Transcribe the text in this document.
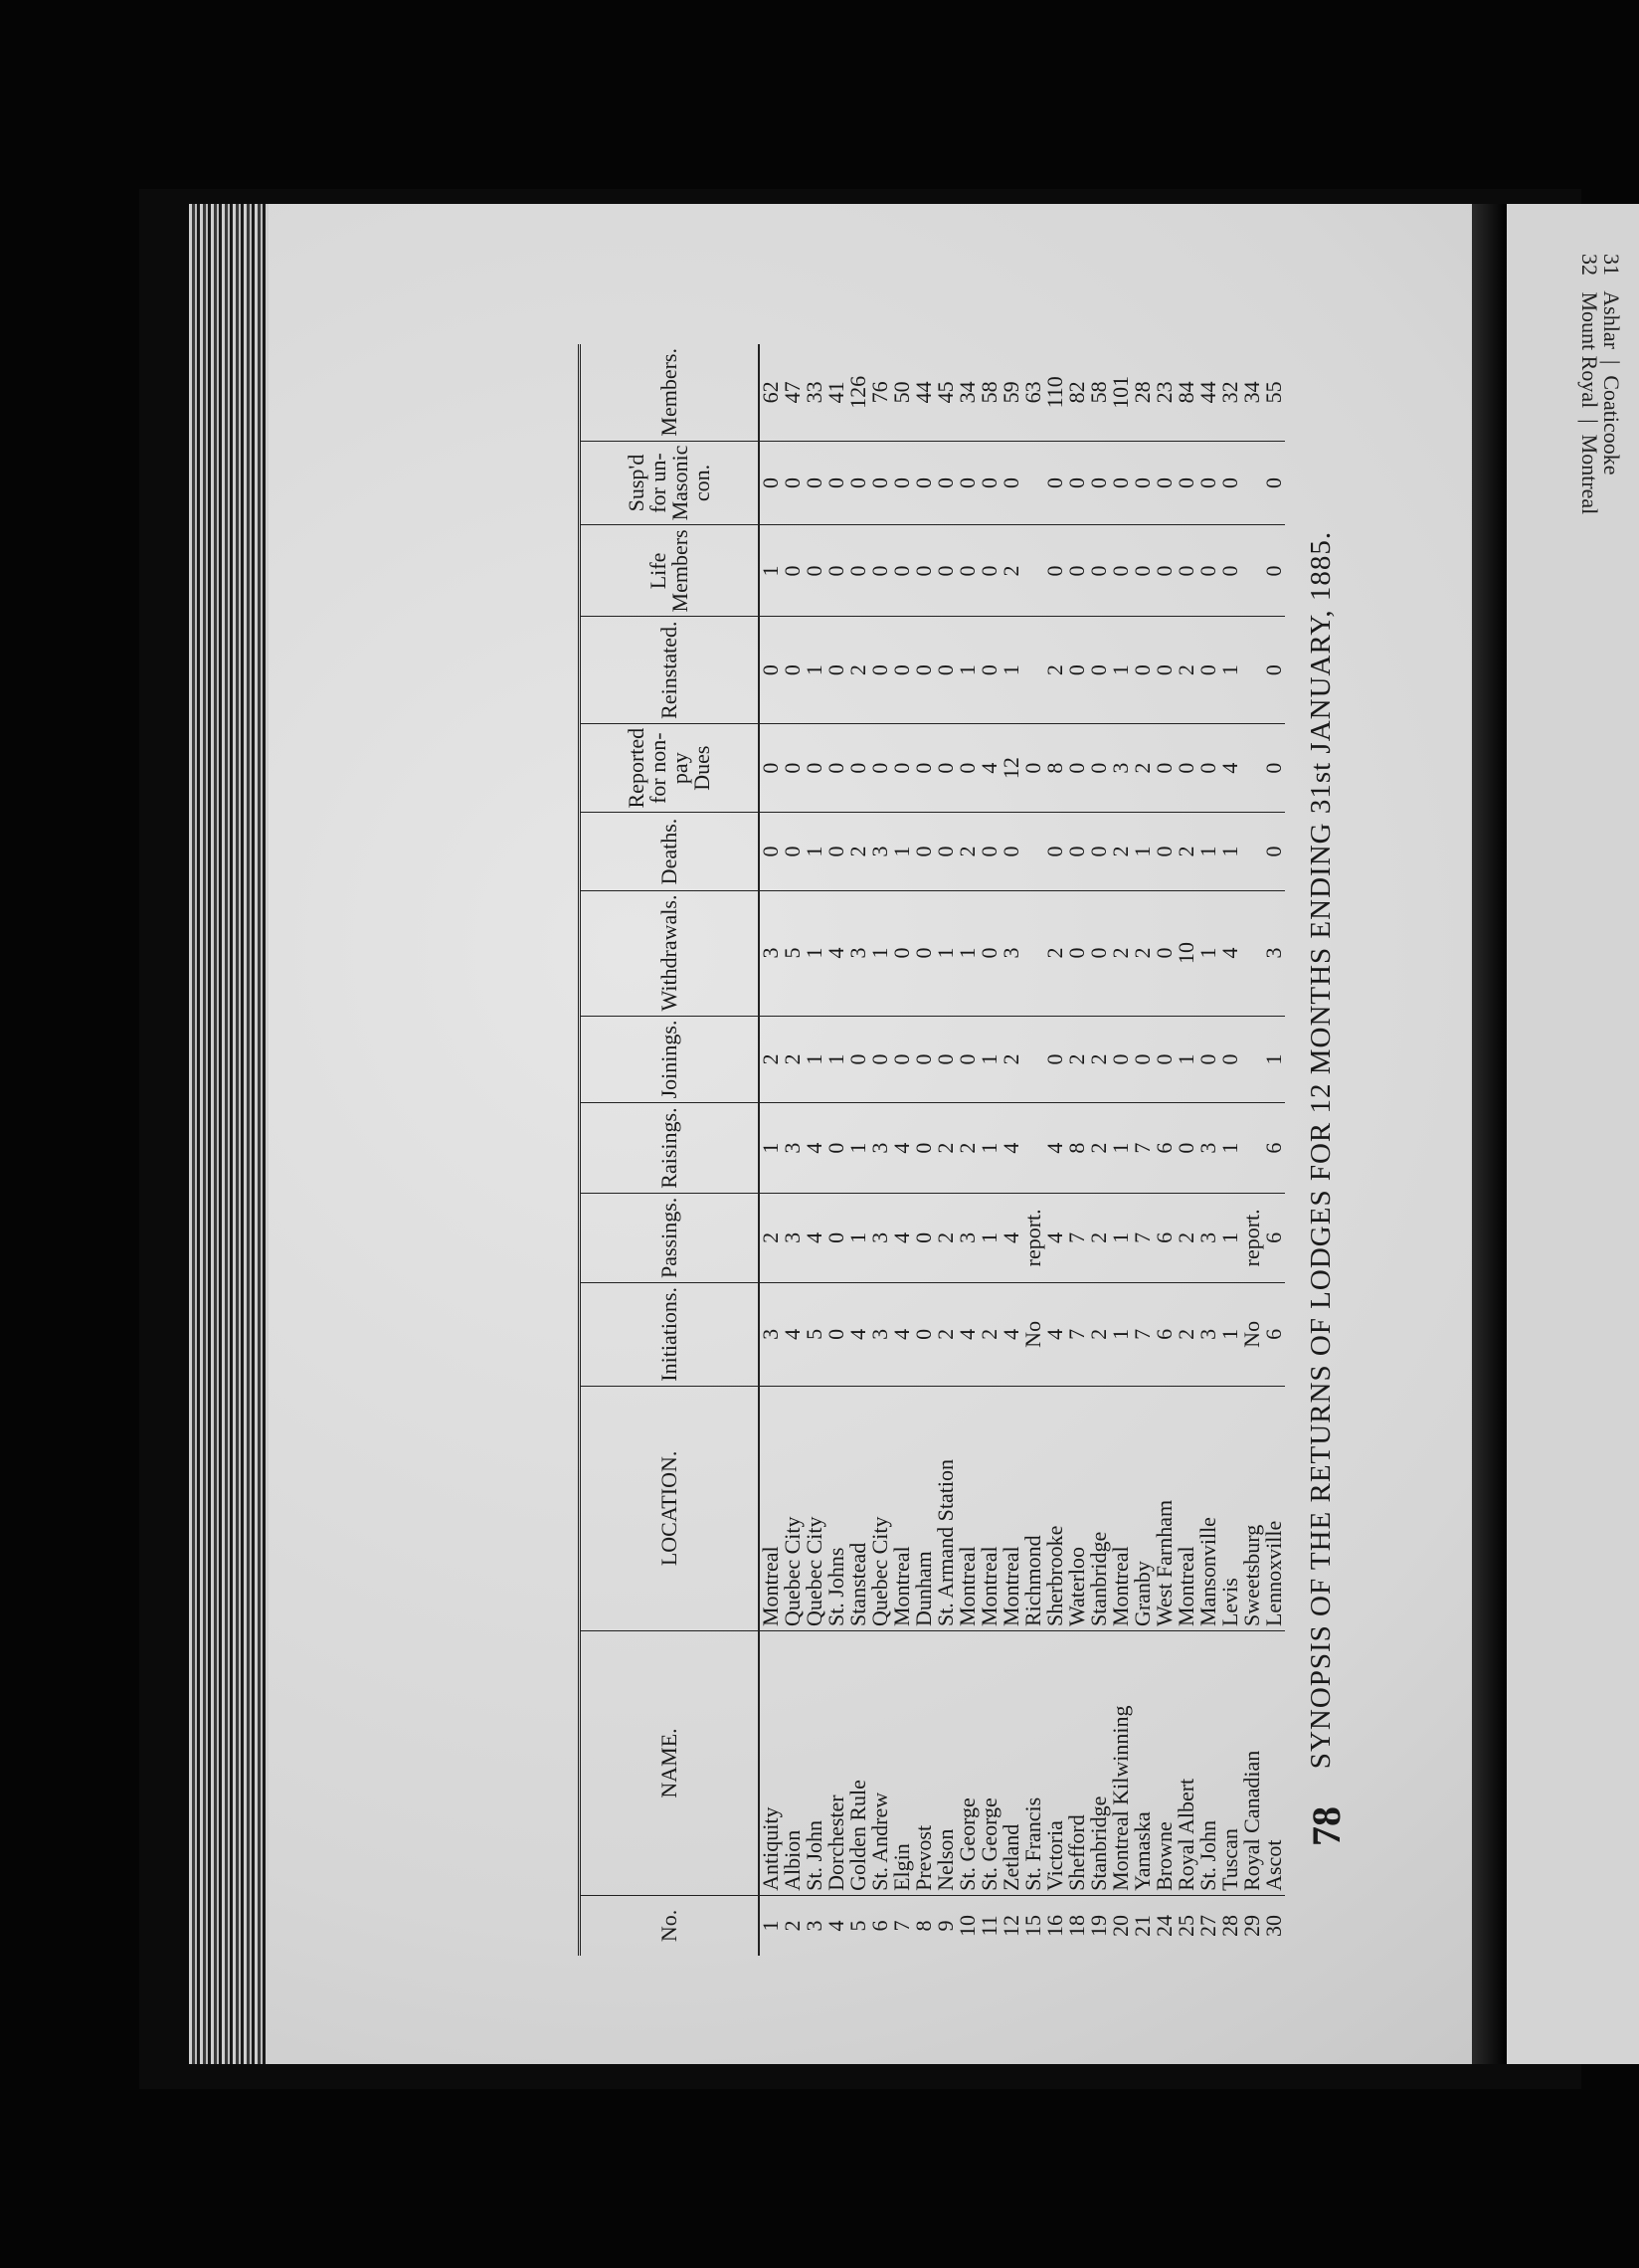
31   Ashlar  |  Coaticooke
32   Mount Royal  |  Montreal
78
SYNOPSIS OF THE RETURNS OF LODGES FOR 12 MONTHS ENDING 31st JANUARY, 1885.
No.	NAME.	LOCATION.	Initiations.	Passings.	Raisings.	Joinings.	Withdrawals.	Deaths.	Reported for non-pay Dues	Reinstated.	Life Members	Susp'd for un-Masonic con.	Members.
1	Antiquity	Montreal	3	2	1	2	3	0	0	0	1	0	62
2	Albion	Quebec City	4	3	3	2	5	0	0	0	0	0	47
3	St. John	Quebec City	5	4	4	1	1	1	0	1	0	0	33
4	Dorchester	St. Johns	0	0	0	1	4	0	0	0	0	0	41
5	Golden Rule	Stanstead	4	1	1	0	3	2	0	2	0	0	126
6	St. Andrew	Quebec City	3	3	3	0	1	3	0	0	0	0	76
7	Elgin	Montreal	4	4	4	0	0	1	0	0	0	0	50
8	Prevost	Dunham	0	0	0	0	0	0	0	0	0	0	44
9	Nelson	St. Armand Station	2	2	2	0	1	0	0	0	0	0	45
10	St. George	Montreal	4	3	2	0	1	2	0	1	0	0	34
11	St. George	Montreal	2	1	1	1	0	0	4	0	0	0	58
12	Zetland	Montreal	4	4	4	2	3	0	12	1	2	0	59
15	St. Francis	Richmond	No	report.					0				63
16	Victoria	Sherbrooke	4	4	4	0	2	0	8	2	0	0	110
18	Shefford	Waterloo	7	7	8	2	0	0	0	0	0	0	82
19	Stanbridge	Stanbridge	2	2	2	2	0	0	0	0	0	0	58
20	Montreal Kilwinning	Montreal	1	1	1	0	2	2	3	1	0	0	101
21	Yamaska	Granby	7	7	7	0	2	1	2	0	0	0	28
24	Browne	West Farnham	6	6	6	0	0	0	0	0	0	0	23
25	Royal Albert	Montreal	2	2	0	1	10	2	0	2	0	0	84
27	St. John	Mansonville	3	3	3	0	1	1	0	0	0	0	44
28	Tuscan	Levis	1	1	1	0	4	1	4	1	0	0	32
29	Royal Canadian	Sweetsburg	No	report.									34
30	Ascot	Lennoxville	6	6	6	1	3	0	0	0	0	0	55
